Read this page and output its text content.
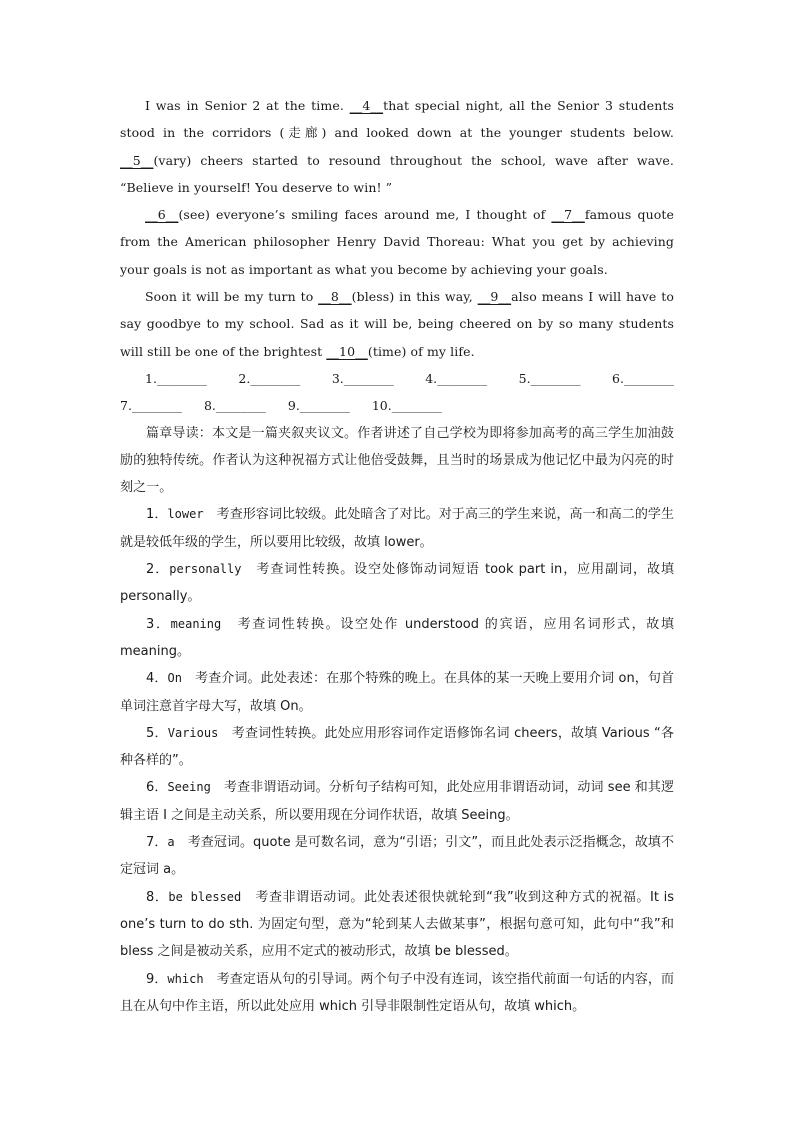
I was in Senior 2 at the time. __4__that special night, all the Senior 3 students stood in the corridors (走廊) and looked down at the younger students below. __5__(vary) cheers started to resound throughout the school, wave after wave. “Believe in yourself! You deserve to win! ”

__6__(see) everyone’s smiling faces around me, I thought of __7__famous quote from the American philosopher Henry David Thoreau: What you get by achieving your goals is not as important as what you become by achieving your goals.

Soon it will be my turn to __8__(bless) in this way, __9__also means I will have to say goodbye to my school. Sad as it will be, being cheered on by so many students will still be one of the brightest __10__(time) of my life.

1.________	2.________	3.________	4.________	5.________	6.________
7.________ 8.________ 9.________ 10.________

篇章导读：本文是一篇夹叙夹议文。作者讲述了自己学校为即将参加高考的高三学生加油鼓励的独特传统。作者认为这种祝福方式让他倍受鼓舞，且当时的场景成为他记忆中最为闪亮的时刻之一。

1．lower　考查形容词比较级。此处暗含了对比。对于高三的学生来说，高一和高二的学生就是较低年级的学生，所以要用比较级，故填 lower。

2．personally　考查词性转换。设空处修饰动词短语 took part in，应用副词，故填 personally。

3．meaning　考查词性转换。设空处作 understood 的宾语，应用名词形式，故填 meaning。

4．On　考查介词。此处表述：在那个特殊的晚上。在具体的某一天晚上要用介词 on，句首单词注意首字母大写，故填 On。

5．Various　考查词性转换。此处应用形容词作定语修饰名词 cheers，故填 Various “各种各样的”。

6．Seeing　考查非谓语动词。分析句子结构可知，此处应用非谓语动词，动词 see 和其逻辑主语 I 之间是主动关系，所以要用现在分词作状语，故填 Seeing。

7．a　考查冠词。quote 是可数名词，意为“引语；引文”，而且此处表示泛指概念，故填不定冠词 a。

8．be blessed　考查非谓语动词。此处表述很快就轮到“我”收到这种方式的祝福。It is one’s turn to do sth. 为固定句型，意为“轮到某人去做某事”，根据句意可知，此句中“我”和 bless 之间是被动关系，应用不定式的被动形式，故填 be blessed。

9．which　考查定语从句的引导词。两个句子中没有连词，该空指代前面一句话的内容，而且在从句中作主语，所以此处应用 which 引导非限制性定语从句，故填 which。
